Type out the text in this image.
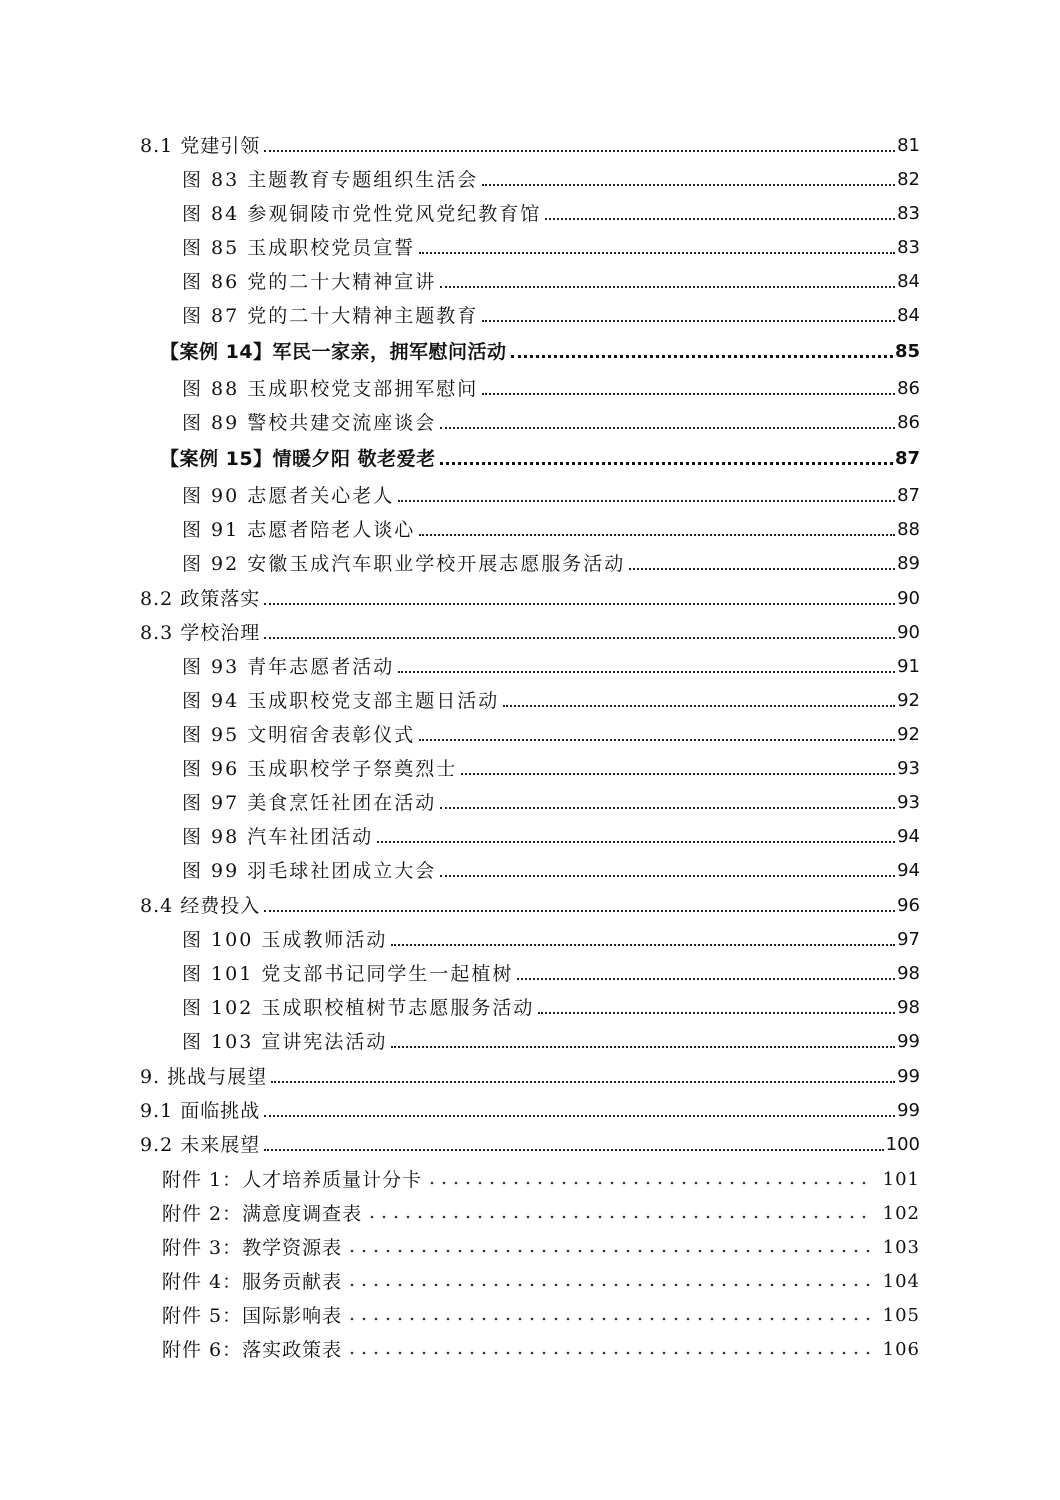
8.1 党建引领	81
图 83 主题教育专题组织生活会	82
图 84 参观铜陵市党性党风党纪教育馆	83
图 85 玉成职校党员宣誓	83
图 86 党的二十大精神宣讲	84
图 87 党的二十大精神主题教育	84
【案例 14】军民一家亲，拥军慰问活动	85
图 88 玉成职校党支部拥军慰问	86
图 89 警校共建交流座谈会	86
【案例 15】情暖夕阳 敬老爱老	87
图 90 志愿者关心老人	87
图 91 志愿者陪老人谈心	88
图 92 安徽玉成汽车职业学校开展志愿服务活动	89
8.2 政策落实	90
8.3 学校治理	90
图 93 青年志愿者活动	91
图 94 玉成职校党支部主题日活动	92
图 95 文明宿舍表彰仪式	92
图 96 玉成职校学子祭奠烈士	93
图 97 美食烹饪社团在活动	93
图 98 汽车社团活动	94
图 99 羽毛球社团成立大会	94
8.4 经费投入	96
图 100 玉成教师活动	97
图 101 党支部书记同学生一起植树	98
图 102 玉成职校植树节志愿服务活动	98
图 103 宣讲宪法活动	99
9. 挑战与展望	99
9.1 面临挑战	99
9.2 未来展望	100
附件 1：人才培养质量计分卡	101
附件 2：满意度调查表	102
附件 3：教学资源表	103
附件 4：服务贡献表	104
附件 5：国际影响表	105
附件 6：落实政策表	106
